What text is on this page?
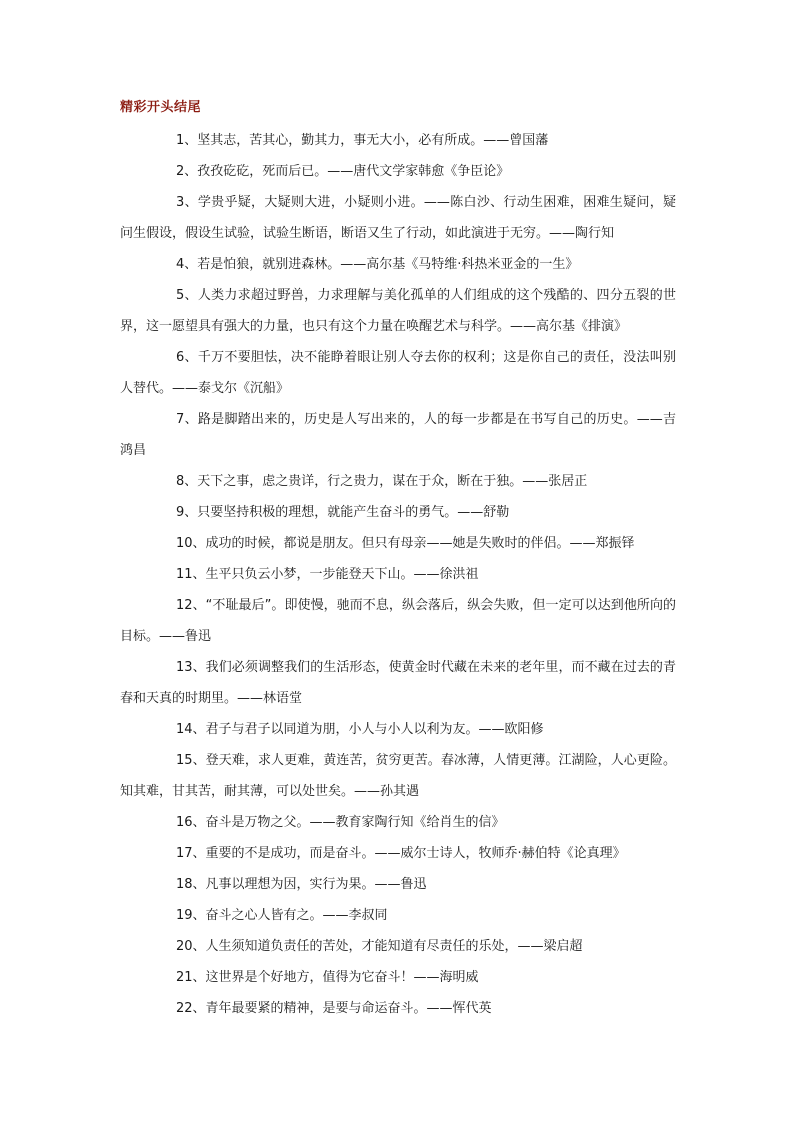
精彩开头结尾

1、坚其志，苦其心，勤其力，事无大小，必有所成。——曾国藩

2、孜孜矻矻，死而后已。——唐代文学家韩愈《争臣论》

3、学贵乎疑，大疑则大进，小疑则小进。——陈白沙、行动生困难，困难生疑问，疑问生假设，假设生试验，试验生断语，断语又生了行动，如此演进于无穷。——陶行知

4、若是怕狼，就别进森林。——高尔基《马特维·科热米亚金的一生》

5、人类力求超过野兽，力求理解与美化孤单的人们组成的这个残酷的、四分五裂的世界，这一愿望具有强大的力量，也只有这个力量在唤醒艺术与科学。——高尔基《排演》

6、千万不要胆怯，决不能睁着眼让别人夺去你的权利；这是你自己的责任，没法叫别人替代。——泰戈尔《沉船》

7、路是脚踏出来的，历史是人写出来的，人的每一步都是在书写自己的历史。——吉鸿昌

8、天下之事，虑之贵详，行之贵力，谋在于众，断在于独。——张居正

9、只要坚持积极的理想，就能产生奋斗的勇气。——舒勒

10、成功的时候，都说是朋友。但只有母亲——她是失败时的伴侣。——郑振铎

11、生平只负云小梦，一步能登天下山。——徐洪祖

12、“不耻最后”。即使慢，驰而不息，纵会落后，纵会失败，但一定可以达到他所向的目标。——鲁迅

13、我们必须调整我们的生活形态，使黄金时代藏在未来的老年里，而不藏在过去的青春和天真的时期里。——林语堂

14、君子与君子以同道为朋，小人与小人以利为友。——欧阳修

15、登天难，求人更难，黄连苦，贫穷更苦。春冰薄，人情更薄。江湖险，人心更险。知其难，甘其苦，耐其薄，可以处世矣。——孙其遇

16、奋斗是万物之父。——教育家陶行知《给肖生的信》

17、重要的不是成功，而是奋斗。——威尔士诗人，牧师乔·赫伯特《论真理》

18、凡事以理想为因，实行为果。——鲁迅

19、奋斗之心人皆有之。——李叔同

20、人生须知道负责任的苦处，才能知道有尽责任的乐处，——梁启超

21、这世界是个好地方，值得为它奋斗！——海明威

22、青年最要紧的精神，是要与命运奋斗。——恽代英
